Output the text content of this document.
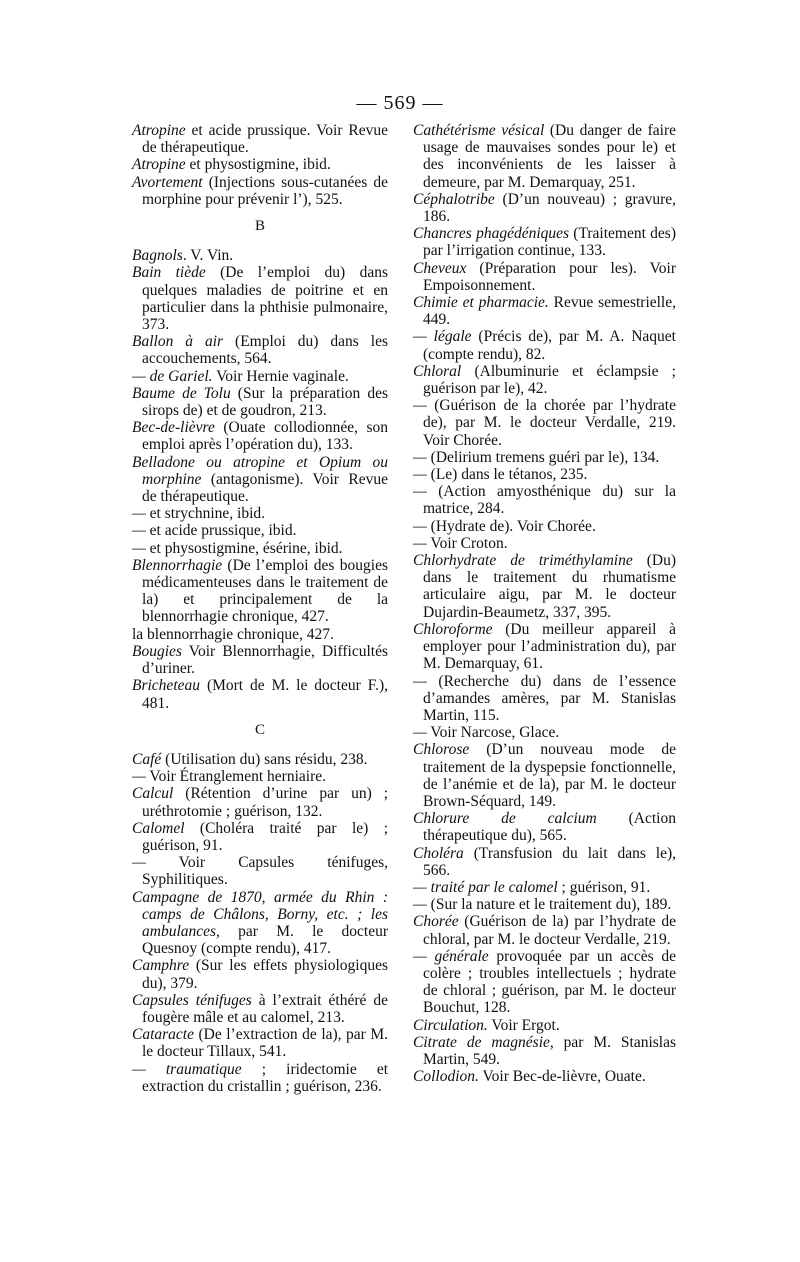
— 569 —
Atropine et acide prussique. Voir Revue de thérapeutique.
Atropine et physostigmine, ibid.
Avortement (Injections sous-cutanées de morphine pour prévenir l’), 525.
B
Bagnols. V. Vin.
Bain tiède (De l’emploi du) dans quelques maladies de poitrine et en particulier dans la phthisie pulmonaire, 373.
Ballon à air (Emploi du) dans les accouchements, 564.
— de Gariel. Voir Hernie vaginale.
Baume de Tolu (Sur la préparation des sirops de) et de goudron, 213.
Bec-de-lièvre (Ouate collodionnée, son emploi après l’opération du), 133.
Belladone ou atropine et Opium ou morphine (antagonisme). Voir Revue de thérapeutique.
— et strychnine, ibid.
— et acide prussique, ibid.
— et physostigmine, ésérine, ibid.
Blennorrhagie (De l’emploi des bougies médicamenteuses dans le traitement de la) et principalement de la blennorrhagie chronique, 427.
la blennorrhagie chronique, 427.
Bougies Voir Blennorrhagie, Difficultés d’uriner.
Bricheteau (Mort de M. le docteur F.), 481.
C
Café (Utilisation du) sans résidu, 238.
— Voir Étranglement herniaire.
Calcul (Rétention d’urine par un) ; uréthrotomie ; guérison, 132.
Calomel (Choléra traité par le) ; guérison, 91.
— Voir Capsules ténifuges, Syphilitiques.
Campagne de 1870, armée du Rhin : camps de Châlons, Borny, etc. ; les ambulances, par M. le docteur Quesnoy (compte rendu), 417.
Camphre (Sur les effets physiologiques du), 379.
Capsules ténifuges à l’extrait éthéré de fougère mâle et au calomel, 213.
Cataracte (De l’extraction de la), par M. le docteur Tillaux, 541.
— traumatique ; iridectomie et extraction du cristallin ; guérison, 236.
Cathétérisme vésical (Du danger de faire usage de mauvaises sondes pour le) et des inconvénients de les laisser à demeure, par M. Demarquay, 251.
Céphalotribe (D’un nouveau) ; gravure, 186.
Chancres phagédéniques (Traitement des) par l’irrigation continue, 133.
Cheveux (Préparation pour les). Voir Empoisonnement.
Chimie et pharmacie. Revue semestrielle, 449.
— légale (Précis de), par M. A. Naquet (compte rendu), 82.
Chloral (Albuminurie et éclampsie ; guérison par le), 42.
— (Guérison de la chorée par l’hydrate de), par M. le docteur Verdalle, 219. Voir Chorée.
— (Delirium tremens guéri par le), 134.
— (Le) dans le tétanos, 235.
— (Action amyosthénique du) sur la matrice, 284.
— (Hydrate de). Voir Chorée.
— Voir Croton.
Chlorhydrate de triméthylamine (Du) dans le traitement du rhumatisme articulaire aigu, par M. le docteur Dujardin-Beaumetz, 337, 395.
Chloroforme (Du meilleur appareil à employer pour l’administration du), par M. Demarquay, 61.
— (Recherche du) dans de l’essence d’amandes amères, par M. Stanislas Martin, 115.
— Voir Narcose, Glace.
Chlorose (D’un nouveau mode de traitement de la dyspepsie fonctionnelle, de l’anémie et de la), par M. le docteur Brown-Séquard, 149.
Chlorure de calcium (Action thérapeutique du), 565.
Choléra (Transfusion du lait dans le), 566.
— traité par le calomel ; guérison, 91.
— (Sur la nature et le traitement du), 189.
Chorée (Guérison de la) par l’hydrate de chloral, par M. le docteur Verdalle, 219.
— générale provoquée par un accès de colère ; troubles intellectuels ; hydrate de chloral ; guérison, par M. le docteur Bouchut, 128.
Circulation. Voir Ergot.
Citrate de magnésie, par M. Stanislas Martin, 549.
Collodion. Voir Bec-de-lièvre, Ouate.
